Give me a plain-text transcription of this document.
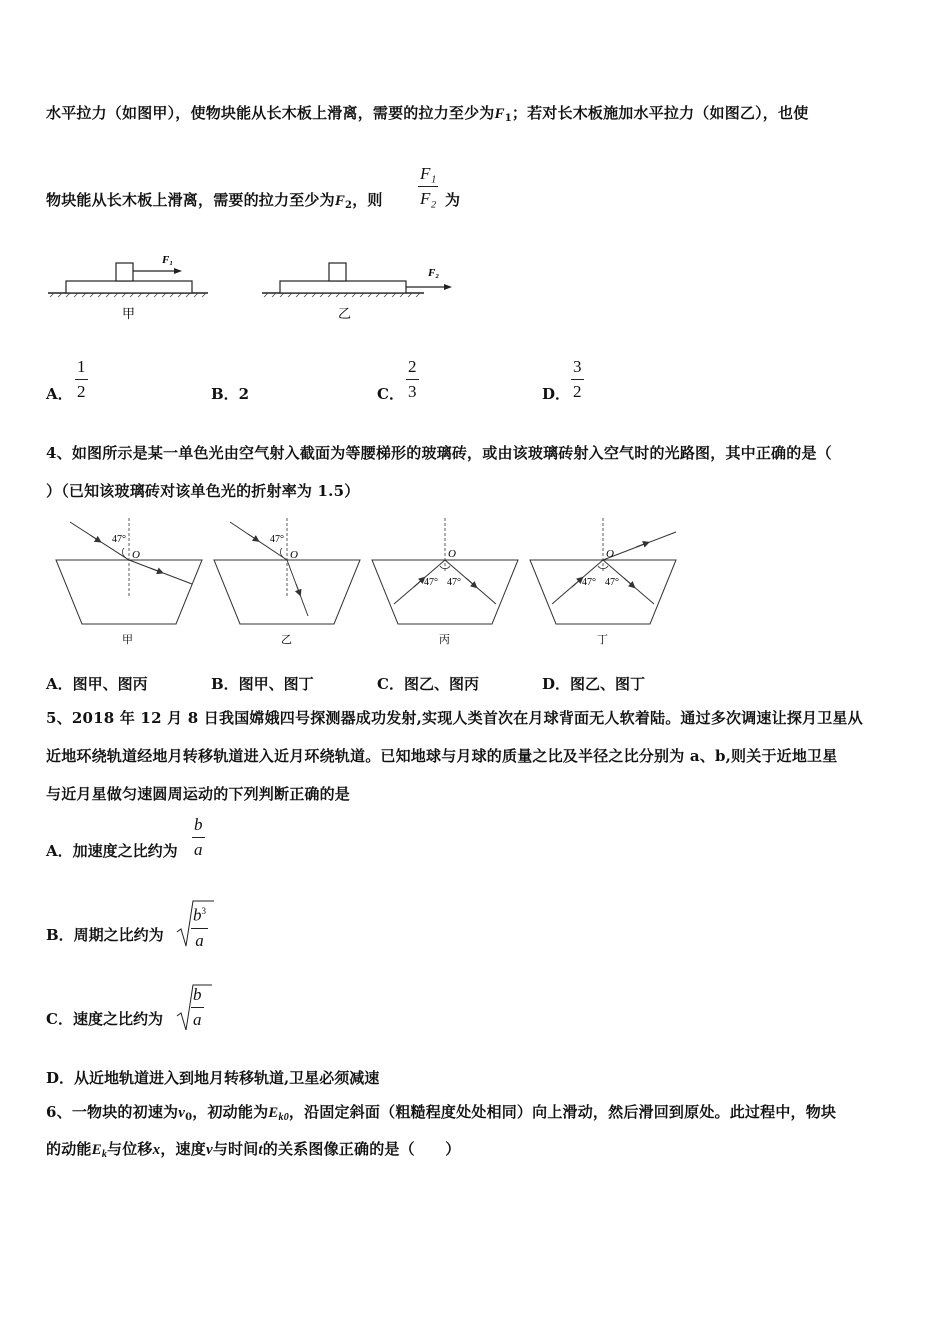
水平拉力（如图甲），使物块能从长木板上滑离，需要的拉力至少为$F_1$；若对长木板施加水平拉力（如图乙），也使
物块能从长木板上滑离，需要的拉力至少为$F_2$，则
F₁
F₂ 为
F₁
甲
F₂
乙
A．
1
2	B．2	C．
2
3	D．
3
2
4、如图所示是某一单色光由空气射入截面为等腰梯形的玻璃砖，或由该玻璃砖射入空气时的光路图，其中正确的是（
）（已知该玻璃砖对该单色光的折射率为 1.5）
47°
O
甲
47°
O
乙
O
47° 47°
丙
O
47° 47°
丁
A．图甲、图丙	B．图甲、图丁	C．图乙、图丙	D．图乙、图丁
5、2018 年 12 月 8 日我国嫦娥四号探测器成功发射,实现人类首次在月球背面无人软着陆。通过多次调速让探月卫星从
近地环绕轨道经地月转移轨道进入近月环绕轨道。已知地球与月球的质量之比及半径之比分别为 a、b,则关于近地卫星
与近月星做匀速圆周运动的下列判断正确的是
A．加速度之比约为
b
a
B．周期之比约为
$b^3$
a
C．速度之比约为
b
a
D．从近地轨道进入到地月转移轨道,卫星必须减速
6、一物块的初速为$v_0$，初动能为$E_{k0}$，沿固定斜面（粗糙程度处处相同）向上滑动，然后滑回到原处。此过程中，物块
的动能$E_k$与位移x，速度v与时间t的关系图像正确的是（　　）
